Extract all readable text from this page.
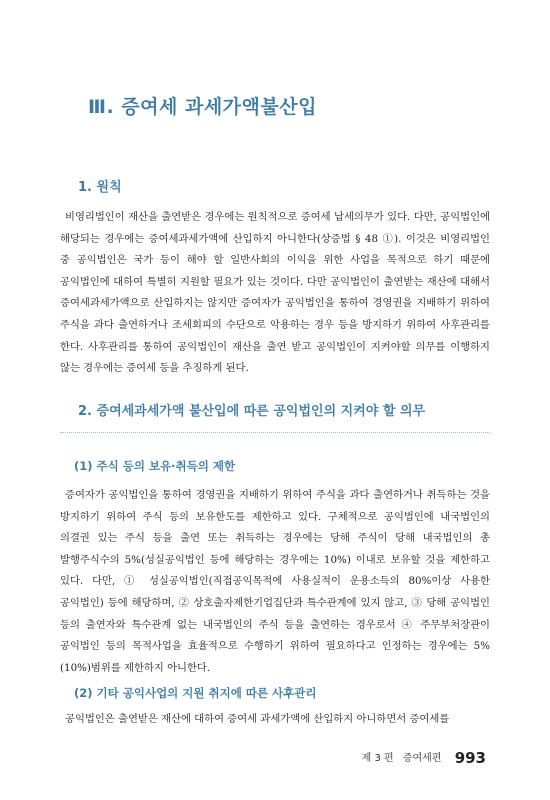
Ⅲ. 증여세 과세가액불산입
1. 원칙

비영리법인이 재산을 출연받은 경우에는 원칙적으로 증여세 납세의무가 있다. 다만, 공익법인에 해당되는 경우에는 증여세과세가액에 산입하지 아니한다(상증법 § 48 ①). 이것은 비영리법인 중 공익법인은 국가 등이 해야 할 일반사회의 이익을 위한 사업을 목적으로 하기 때문에 공익법인에 대하여 특별히 지원할 필요가 있는 것이다. 다만 공익법인이 출연받는 재산에 대해서 증여세과세가액으로 산입하지는 않지만 증여자가 공익법인을 통하여 경영권을 지배하기 위하여 주식을 과다 출연하거나 조세회피의 수단으로 악용하는 경우 등을 방지하기 위하여 사후관리를 한다. 사후관리를 통하여 공익법인이 재산을 출연 받고 공익법인이 지켜야할 의무를 이행하지 않는 경우에는 증여세 등을 추징하게 된다.

2. 증여세과세가액 불산입에 따른 공익법인의 지켜야 할 의무
(1) 주식 등의 보유·취득의 제한

증여자가 공익법인을 통하여 경영권을 지배하기 위하여 주식을 과다 출연하거나 취득하는 것을 방지하기 위하여 주식 등의 보유한도를 제한하고 있다. 구체적으로 공익법인에 내국법인의 의결권 있는 주식 등을 출연 또는 취득하는 경우에는 당해 주식이 당해 내국법인의 총 발행주식수의 5%(성실공익법인 등에 해당하는 경우에는 10%) 이내로 보유할 것을 제한하고 있다. 다만, ① 성실공익법인(직접공익목적에 사용실적이 운용소득의 80%이상 사용한 공익법인) 등에 해당하며, ② 상호출자제한기업집단과 특수관계에 있지 않고, ③ 당해 공익법인 등의 출연자와 특수관계 없는 내국법인의 주식 등을 출연하는 경우로서 ④ 주무부처장관이 공익법인 등의 목적사업을 효율적으로 수행하기 위하여 필요하다고 인정하는 경우에는 5%(10%)범위를 제한하지 아니한다.

(2) 기타 공익사업의 지원 취지에 따른 사후관리

공익법인은 출연받은 재산에 대하여 증여세 과세가액에 산입하지 아니하면서 증여세를

제 3 편 증여세편 993
